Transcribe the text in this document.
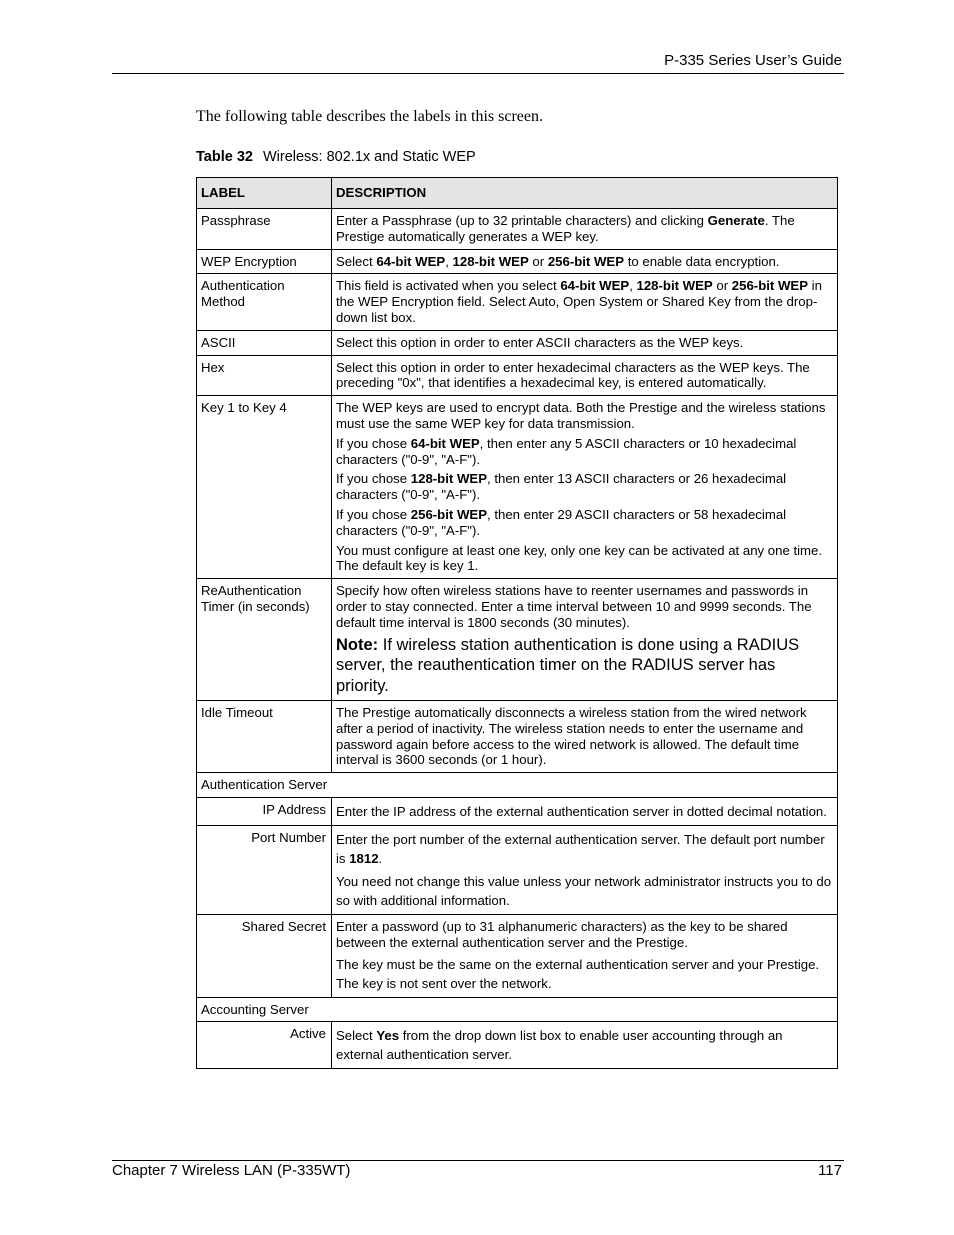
P-335 Series User’s Guide
The following table describes the labels in this screen.
Table 32 Wireless: 802.1x and Static WEP
LABEL	DESCRIPTION
Passphrase	Enter a Passphrase (up to 32 printable characters) and clicking Generate. The Prestige automatically generates a WEP key.
WEP Encryption	Select 64-bit WEP, 128-bit WEP or 256-bit WEP to enable data encryption.
Authentication Method	This field is activated when you select 64-bit WEP, 128-bit WEP or 256-bit WEP in the WEP Encryption field. Select Auto, Open System or Shared Key from the drop-down list box.
ASCII	Select this option in order to enter ASCII characters as the WEP keys.
Hex	Select this option in order to enter hexadecimal characters as the WEP keys. The preceding "0x", that identifies a hexadecimal key, is entered automatically.
Key 1 to Key 4	The WEP keys are used to encrypt data. Both the Prestige and the wireless stations must use the same WEP key for data transmission.

If you chose 64-bit WEP, then enter any 5 ASCII characters or 10 hexadecimal characters ("0-9", "A-F").

If you chose 128-bit WEP, then enter 13 ASCII characters or 26 hexadecimal characters ("0-9", "A-F").

If you chose 256-bit WEP, then enter 29 ASCII characters or 58 hexadecimal characters ("0-9", "A-F").

You must configure at least one key, only one key can be activated at any one time. The default key is key 1.

ReAuthentication Timer (in seconds)	Specify how often wireless stations have to reenter usernames and passwords in order to stay connected. Enter a time interval between 10 and 9999 seconds. The default time interval is 1800 seconds (30 minutes).

Note: If wireless station authentication is done using a RADIUS server, the reauthentication timer on the RADIUS server has priority.

Idle Timeout	The Prestige automatically disconnects a wireless station from the wired network after a period of inactivity. The wireless station needs to enter the username and password again before access to the wired network is allowed. The default time interval is 3600 seconds (or 1 hour).
Authentication Server	
IP Address	Enter the IP address of the external authentication server in dotted decimal notation.
Port Number	Enter the port number of the external authentication server. The default port number is 1812.

You need not change this value unless your network administrator instructs you to do so with additional information.

Shared Secret	Enter a password (up to 31 alphanumeric characters) as the key to be shared between the external authentication server and the Prestige.

The key must be the same on the external authentication server and your Prestige. The key is not sent over the network.

Accounting Server	
Active	Select Yes from the drop down list box to enable user accounting through an external authentication server.
Chapter 7 Wireless LAN (P-335WT)	117
